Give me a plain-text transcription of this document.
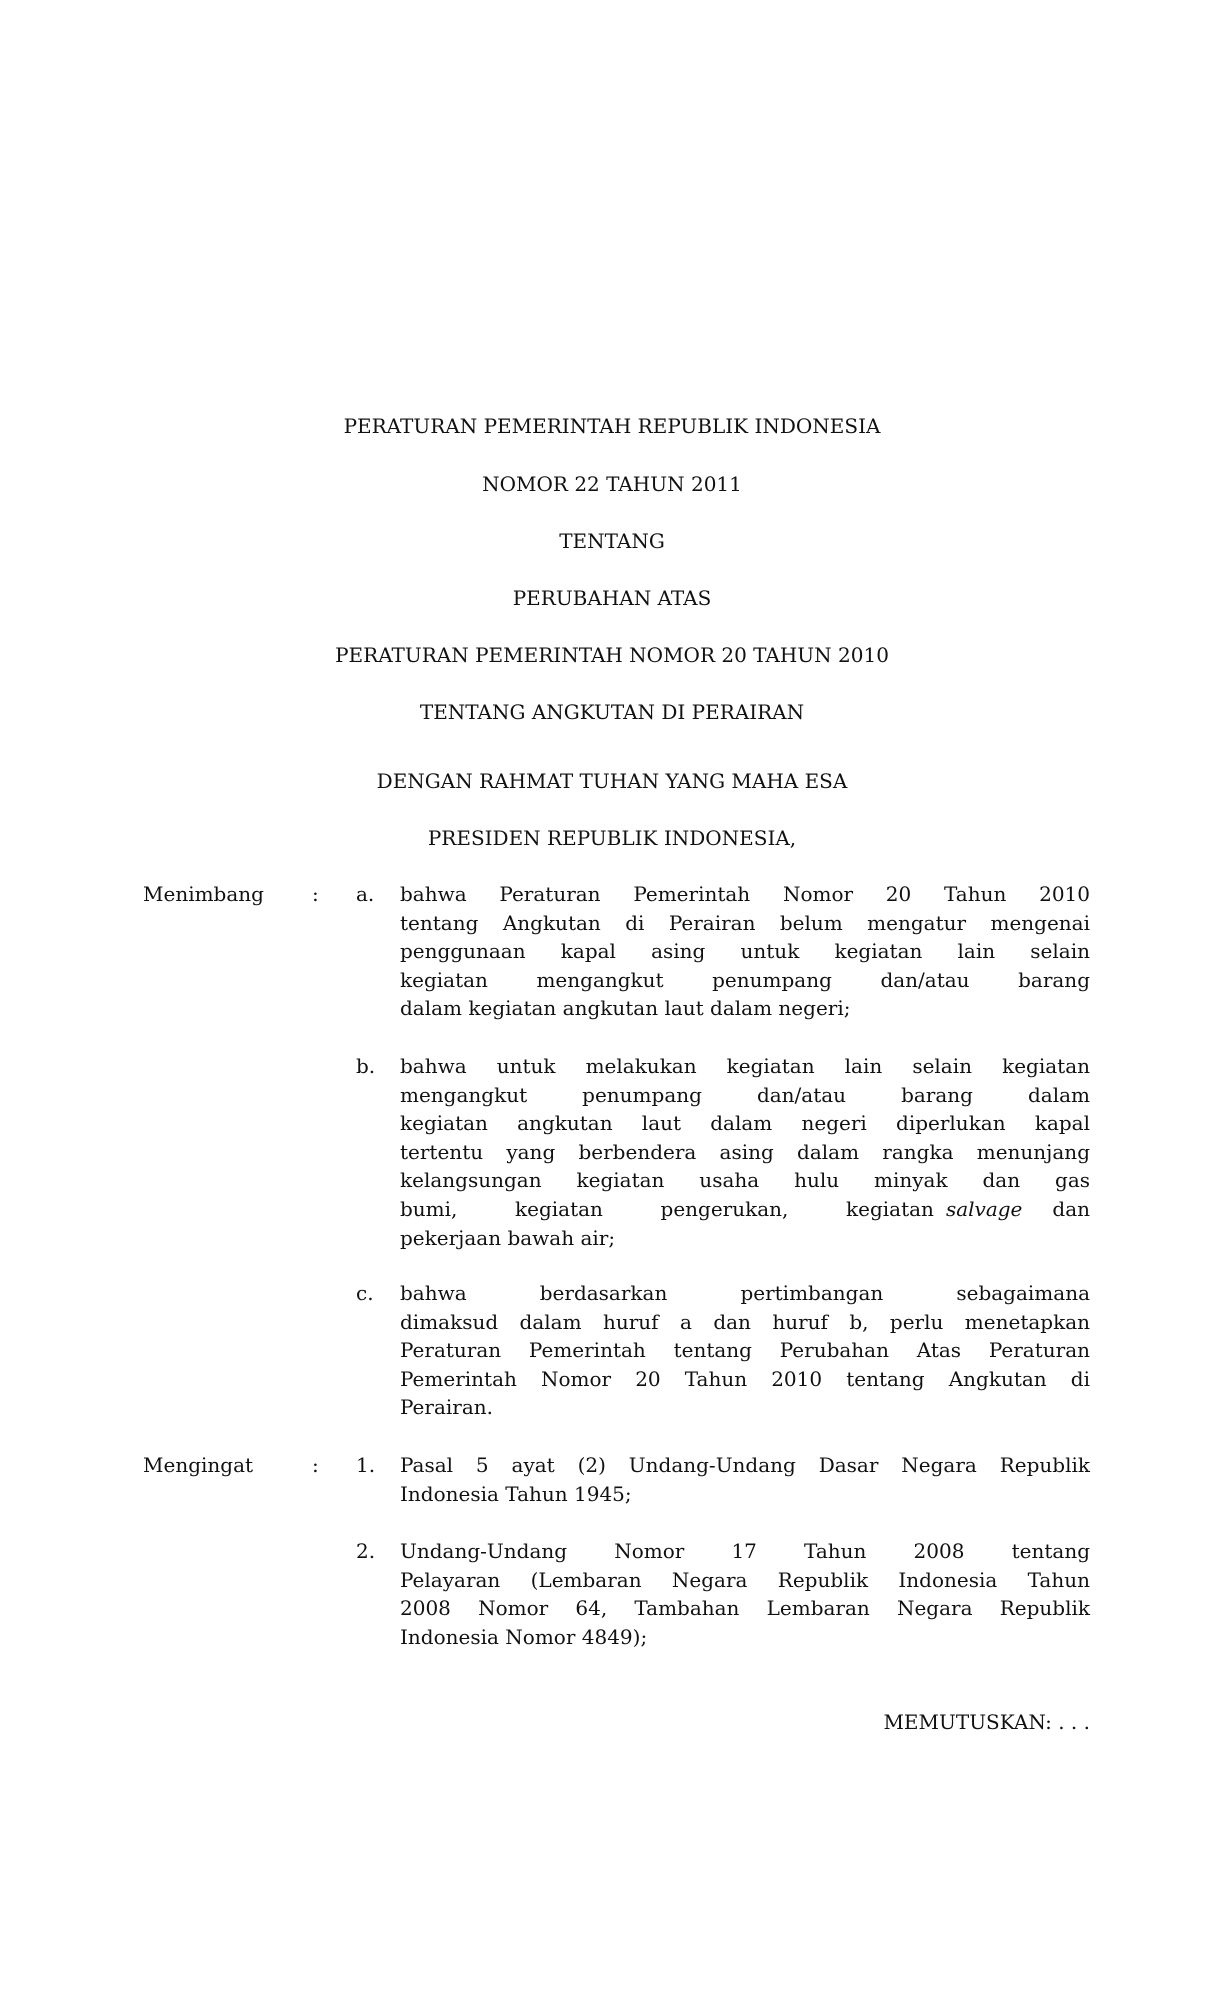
PERATURAN PEMERINTAH REPUBLIK INDONESIA
NOMOR 22 TAHUN 2011
TENTANG
PERUBAHAN ATAS
PERATURAN PEMERINTAH NOMOR 20 TAHUN 2010
TENTANG ANGKUTAN DI PERAIRAN
DENGAN RAHMAT TUHAN YANG MAHA ESA
PRESIDEN REPUBLIK INDONESIA,
Menimbang : a. bahwa Peraturan Pemerintah Nomor 20 Tahun 2010
tentang Angkutan di Perairan belum mengatur mengenai
penggunaan kapal asing untuk kegiatan lain selain
kegiatan mengangkut penumpang dan/atau barang
dalam kegiatan angkutan laut dalam negeri;
b. bahwa untuk melakukan kegiatan lain selain kegiatan
mengangkut penumpang dan/atau barang dalam
kegiatan angkutan laut dalam negeri diperlukan kapal
tertentu yang berbendera asing dalam rangka menunjang
kelangsungan kegiatan usaha hulu minyak dan gas
bumi, kegiatan pengerukan, kegiatan salvage dan
pekerjaan bawah air;
c. bahwa berdasarkan pertimbangan sebagaimana
dimaksud dalam huruf a dan huruf b, perlu menetapkan
Peraturan Pemerintah tentang Perubahan Atas Peraturan
Pemerintah Nomor 20 Tahun 2010 tentang Angkutan di
Perairan.
Mengingat	: 1. Pasal 5 ayat (2) Undang-Undang Dasar Negara Republik
Indonesia Tahun 1945;
2. Undang-Undang Nomor 17 Tahun 2008 tentang
Pelayaran (Lembaran Negara Republik Indonesia Tahun
2008 Nomor 64, Tambahan Lembaran Negara Republik
Indonesia Nomor 4849);
MEMUTUSKAN: . . .
